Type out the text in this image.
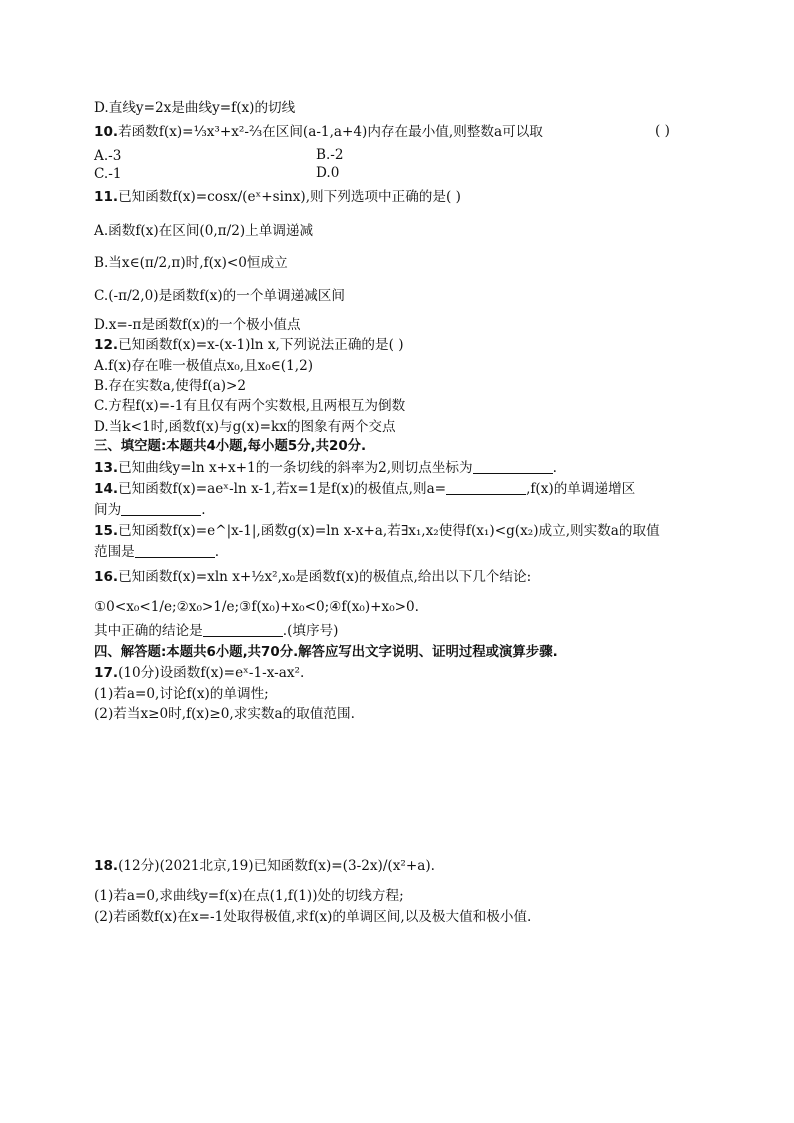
D.直线y=2x是曲线y=f(x)的切线
10.若函数f(x)=⅓x³+x²-⅔在区间(a-1,a+4)内存在最小值,则整数a可以取	( )
A.-3	B.-2
C.-1	D.0
11.已知函数f(x)=cosx/(eˣ+sinx),则下列选项中正确的是( )
A.函数f(x)在区间(0,π/2)上单调递减
B.当x∈(π/2,π)时,f(x)<0恒成立
C.(-π/2,0)是函数f(x)的一个单调递减区间
D.x=-π是函数f(x)的一个极小值点
12.已知函数f(x)=x-(x-1)ln x,下列说法正确的是( )
A.f(x)存在唯一极值点x₀,且x₀∈(1,2)
B.存在实数a,使得f(a)>2
C.方程f(x)=-1有且仅有两个实数根,且两根互为倒数
D.当k<1时,函数f(x)与g(x)=kx的图象有两个交点
三、填空题:本题共4小题,每小题5分,共20分.
13.已知曲线y=ln x+x+1的一条切线的斜率为2,则切点坐标为	.
14.已知函数f(x)=aeˣ-ln x-1,若x=1是f(x)的极值点,则a=	,f(x)的单调递增区
间为	.
15.已知函数f(x)=e^|x-1|,函数g(x)=ln x-x+a,若∃x₁,x₂使得f(x₁)<g(x₂)成立,则实数a的取值
范围是	.
16.已知函数f(x)=xln x+½x²,x₀是函数f(x)的极值点,给出以下几个结论:
①0<x₀<1/e;②x₀>1/e;③f(x₀)+x₀<0;④f(x₀)+x₀>0.
其中正确的结论是	.(填序号)
四、解答题:本题共6小题,共70分.解答应写出文字说明、证明过程或演算步骤.
17.(10分)设函数f(x)=eˣ-1-x-ax².
(1)若a=0,讨论f(x)的单调性;
(2)若当x≥0时,f(x)≥0,求实数a的取值范围.
18.(12分)(2021北京,19)已知函数f(x)=(3-2x)/(x²+a).
(1)若a=0,求曲线y=f(x)在点(1,f(1))处的切线方程;
(2)若函数f(x)在x=-1处取得极值,求f(x)的单调区间,以及极大值和极小值.
